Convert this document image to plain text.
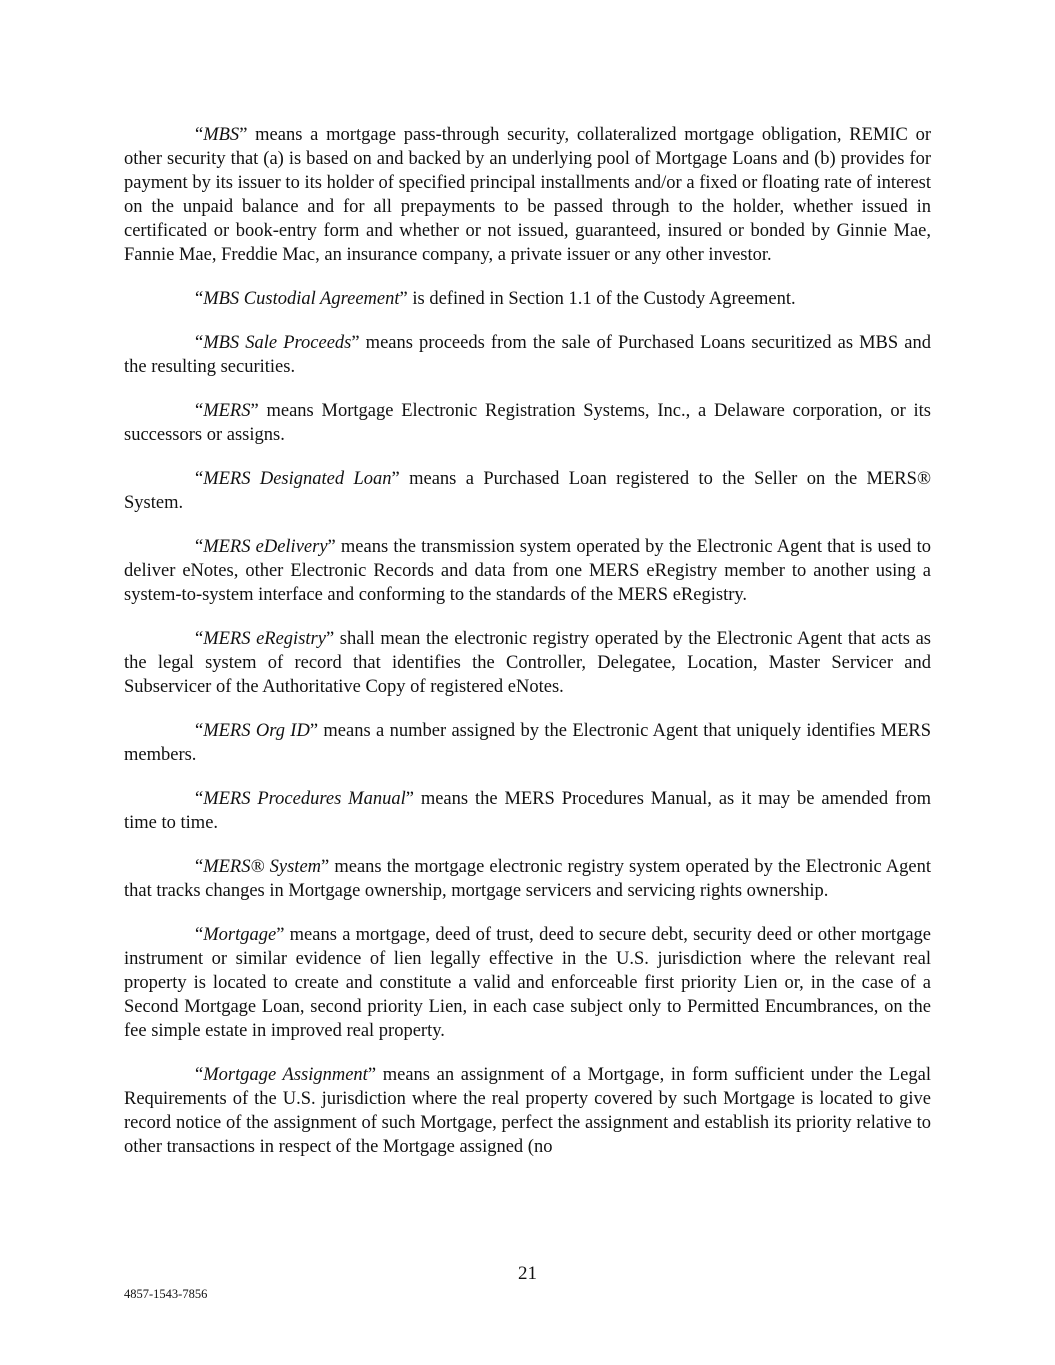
“MBS” means a mortgage pass-through security, collateralized mortgage obligation, REMIC or other security that (a) is based on and backed by an underlying pool of Mortgage Loans and (b) provides for payment by its issuer to its holder of specified principal installments and/or a fixed or floating rate of interest on the unpaid balance and for all prepayments to be passed through to the holder, whether issued in certificated or book-entry form and whether or not issued, guaranteed, insured or bonded by Ginnie Mae, Fannie Mae, Freddie Mac, an insurance company, a private issuer or any other investor.

“MBS Custodial Agreement” is defined in Section 1.1 of the Custody Agreement.

“MBS Sale Proceeds” means proceeds from the sale of Purchased Loans securitized as MBS and the resulting securities.

“MERS” means Mortgage Electronic Registration Systems, Inc., a Delaware corporation, or its successors or assigns.

“MERS Designated Loan” means a Purchased Loan registered to the Seller on the MERS® System.

“MERS eDelivery” means the transmission system operated by the Electronic Agent that is used to deliver eNotes, other Electronic Records and data from one MERS eRegistry member to another using a system-to-system interface and conforming to the standards of the MERS eRegistry.

“MERS eRegistry” shall mean the electronic registry operated by the Electronic Agent that acts as the legal system of record that identifies the Controller, Delegatee, Location, Master Servicer and Subservicer of the Authoritative Copy of registered eNotes.

“MERS Org ID” means a number assigned by the Electronic Agent that uniquely identifies MERS members.

“MERS Procedures Manual” means the MERS Procedures Manual, as it may be amended from time to time.

“MERS® System” means the mortgage electronic registry system operated by the Electronic Agent that tracks changes in Mortgage ownership, mortgage servicers and servicing rights ownership.

“Mortgage” means a mortgage, deed of trust, deed to secure debt, security deed or other mortgage instrument or similar evidence of lien legally effective in the U.S. jurisdiction where the relevant real property is located to create and constitute a valid and enforceable first priority Lien or, in the case of a Second Mortgage Loan, second priority Lien, in each case subject only to Permitted Encumbrances, on the fee simple estate in improved real property.

“Mortgage Assignment” means an assignment of a Mortgage, in form sufficient under the Legal Requirements of the U.S. jurisdiction where the real property covered by such Mortgage is located to give record notice of the assignment of such Mortgage, perfect the assignment and establish its priority relative to other transactions in respect of the Mortgage assigned (no

21
4857-1543-7856
